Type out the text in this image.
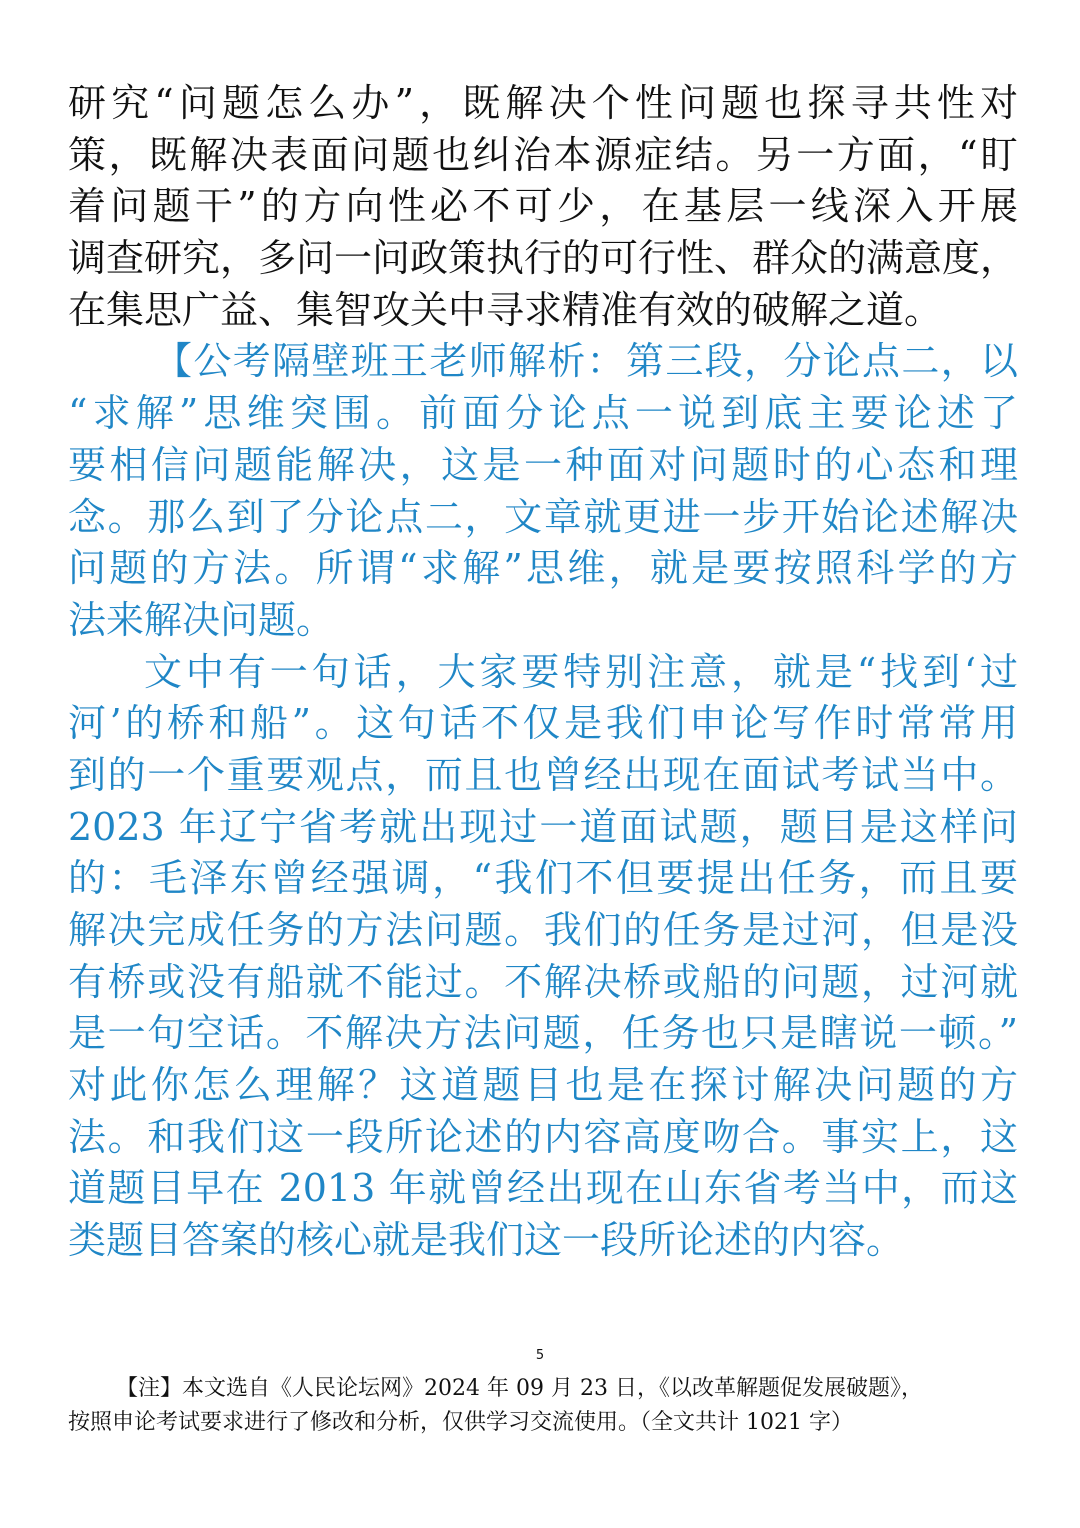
研究“问题怎么办”，既解决个性问题也探寻共性对
策，既解决表面问题也纠治本源症结。另一方面，“盯
着问题干”的方向性必不可少，在基层一线深入开展
调查研究，多问一问政策执行的可行性、群众的满意度，
在集思广益、集智攻关中寻求精准有效的破解之道。
【公考隔壁班王老师解析：第三段，分论点二，以
“求解”思维突围。前面分论点一说到底主要论述了
要相信问题能解决，这是一种面对问题时的心态和理
念。那么到了分论点二，文章就更进一步开始论述解决
问题的方法。所谓“求解”思维，就是要按照科学的方
法来解决问题。
文中有一句话，大家要特别注意，就是“找到‘过
河’的桥和船”。这句话不仅是我们申论写作时常常用
到的一个重要观点，而且也曾经出现在面试考试当中。
2023 年辽宁省考就出现过一道面试题，题目是这样问
的：毛泽东曾经强调，“我们不但要提出任务，而且要
解决完成任务的方法问题。我们的任务是过河，但是没
有桥或没有船就不能过。不解决桥或船的问题，过河就
是一句空话。不解决方法问题，任务也只是瞎说一顿。”
对此你怎么理解？这道题目也是在探讨解决问题的方
法。和我们这一段所论述的内容高度吻合。事实上，这
道题目早在 2013 年就曾经出现在山东省考当中，而这
类题目答案的核心就是我们这一段所论述的内容。
5
【注】本文选自《人民论坛网》2024 年 09 月 23 日，《以改革解题促发展破题》，
按照申论考试要求进行了修改和分析，仅供学习交流使用。（全文共计 1021 字）
